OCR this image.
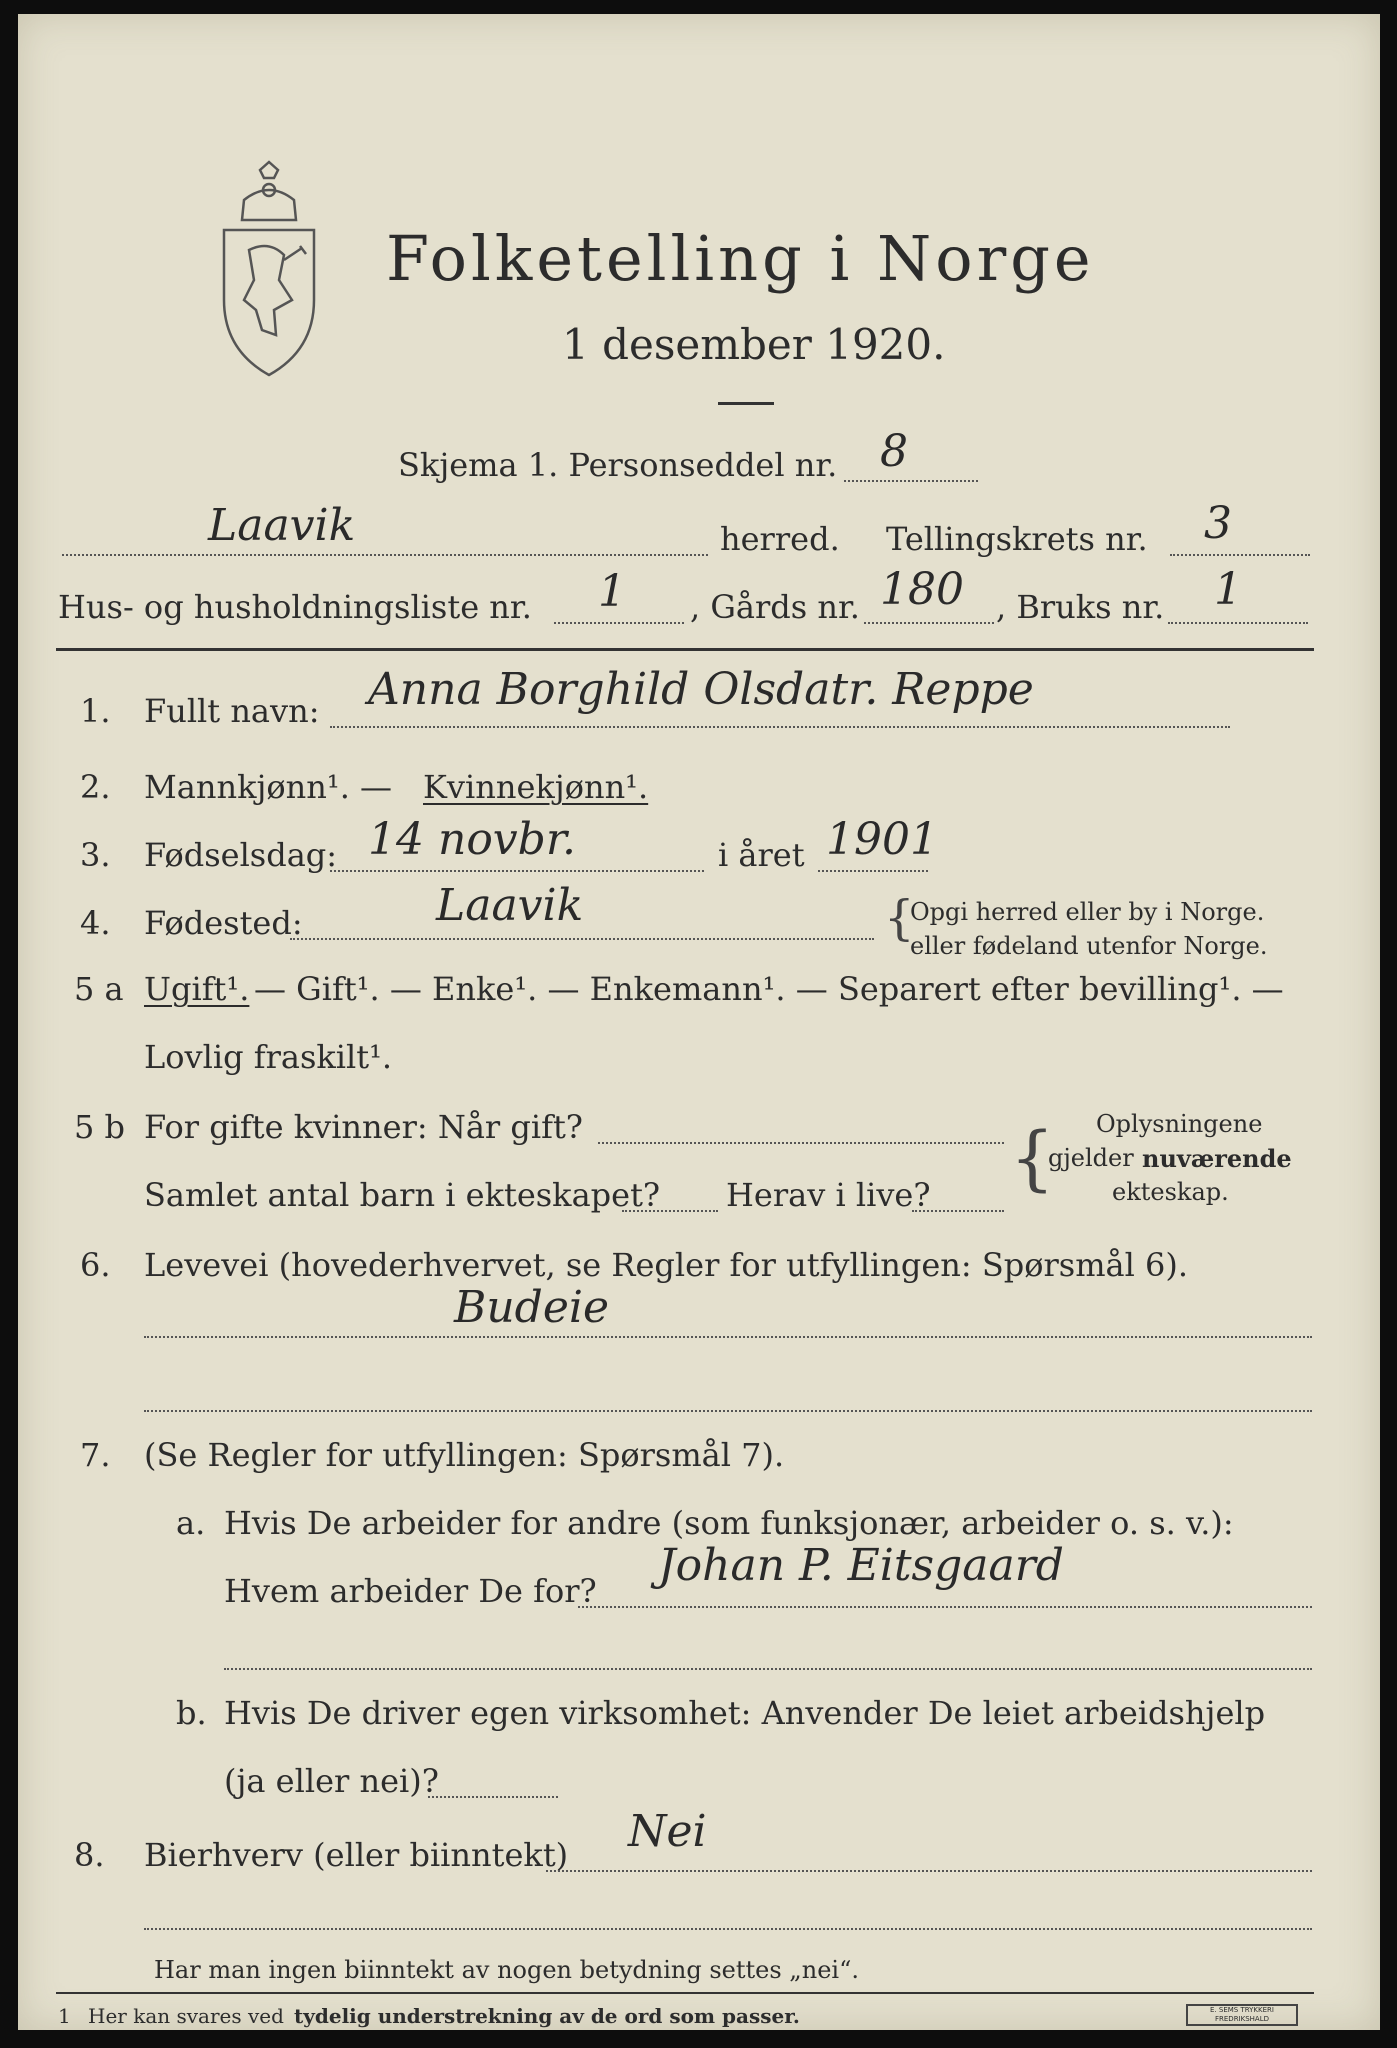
Folketelling i Norge
1 desember 1920.
Skjema 1. Personseddel nr. 8
Laavik	herred. Tellingskrets nr. 3
Hus- og husholdningsliste nr. 1 , Gårds nr. 180 , Bruks nr. 1
1. Fullt navn: Anna Borghild Olsdatr. Reppe
2. Mannkjønn¹. — Kvinnekjønn¹.
3. Fødselsdag: 14 novbr.	i året 1901
4. Fødested:	Laavik	{
Opgi herred eller by i Norge.
eller fødeland utenfor Norge.
5 a Ugift¹. — Gift¹. — Enke¹. — Enkemann¹. — Separert efter bevilling¹. —
Lovlig fraskilt¹.
5 b For gifte kvinner: Når gift?
Samlet antal barn i ekteskapet? Herav i live? { Oplysningene
gjelder nuværende
ekteskap.
6. Levevei (hovederhvervet, se Regler for utfyllingen: Spørsmål 6).
Budeie
7. (Se Regler for utfyllingen: Spørsmål 7).
a. Hvis De arbeider for andre (som funksjonær, arbeider o. s. v.):
Hvem arbeider De for? Johan P. Eitsgaard
b. Hvis De driver egen virksomhet: Anvender De leiet arbeidshjelp
(ja eller nei)?
8. Bierhverv (eller biinntekt) Nei
Har man ingen biinntekt av nogen betydning settes „nei“.
1 Her kan svares ved tydelig understrekning av de ord som passer.	E. SEMS TRYKKERI FREDRIKSHALD
